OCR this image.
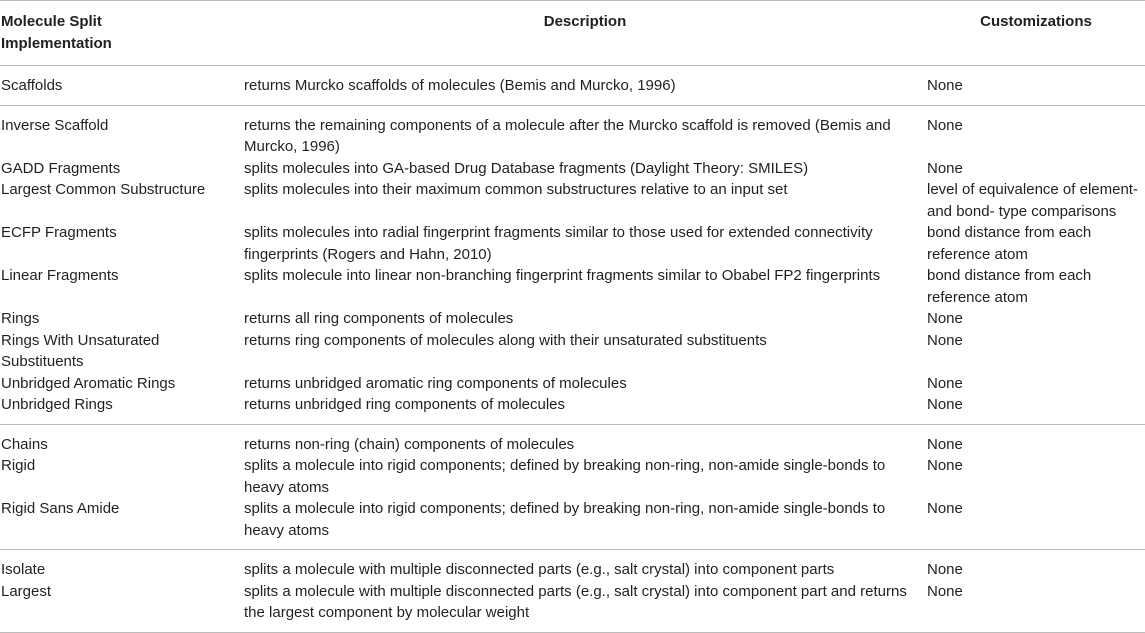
Molecule Split
Implementation	Description	Customizations
Scaffolds	returns Murcko scaffolds of molecules (Bemis and Murcko, 1996)	None
Inverse Scaffold	returns the remaining components of a molecule after the Murcko scaffold is removed (Bemis and Murcko, 1996)	None
GADD Fragments	splits molecules into GA-based Drug Database fragments (Daylight Theory: SMILES)	None
Largest Common Substructure	splits molecules into their maximum common substructures relative to an input set	level of equivalence of element- and bond- type comparisons
ECFP Fragments	splits molecules into radial fingerprint fragments similar to those used for extended connectivity fingerprints (Rogers and Hahn, 2010)	bond distance from each reference atom
Linear Fragments	splits molecule into linear non-branching fingerprint fragments similar to Obabel FP2 fingerprints	bond distance from each reference atom
Rings	returns all ring components of molecules	None
Rings With Unsaturated Substituents	returns ring components of molecules along with their unsaturated substituents	None
Unbridged Aromatic Rings	returns unbridged aromatic ring components of molecules	None
Unbridged Rings	returns unbridged ring components of molecules	None
Chains	returns non-ring (chain) components of molecules	None
Rigid	splits a molecule into rigid components; defined by breaking non-ring, non-amide single-bonds to heavy atoms	None
Rigid Sans Amide	splits a molecule into rigid components; defined by breaking non-ring, non-amide single-bonds to heavy atoms	None
Isolate	splits a molecule with multiple disconnected parts (e.g., salt crystal) into component parts	None
Largest	splits a molecule with multiple disconnected parts (e.g., salt crystal) into component part and returns the largest component by molecular weight	None
